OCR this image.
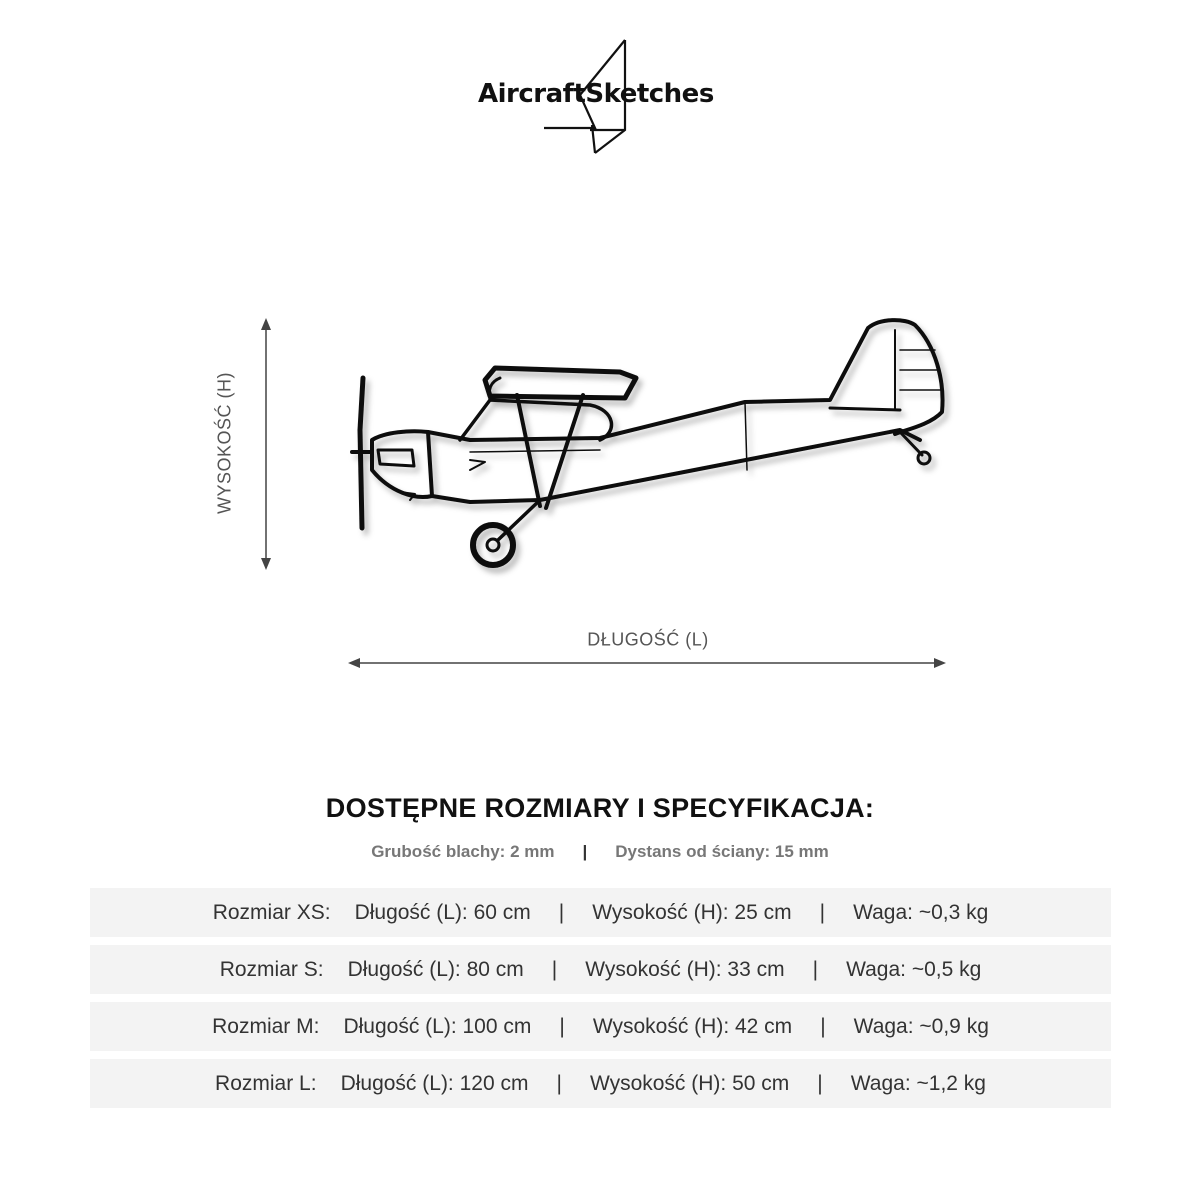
AircraftSketches
WYSOKOŚĆ (H)
DŁUGOŚĆ (L)
DOSTĘPNE ROZMIARY I SPECYFIKACJA:
Grubość blachy: 2 mm | Dystans od ściany: 15 mm
Rozmiar XS:	Długość (L): 60 cm	|	Wysokość (H): 25 cm	|	Waga: ~0,3 kg
Rozmiar S:	Długość (L): 80 cm	|	Wysokość (H): 33 cm	|	Waga: ~0,5 kg
Rozmiar M:	Długość (L): 100 cm	|	Wysokość (H): 42 cm	|	Waga: ~0,9 kg
Rozmiar L:	Długość (L): 120 cm	|	Wysokość (H): 50 cm	|	Waga: ~1,2 kg
